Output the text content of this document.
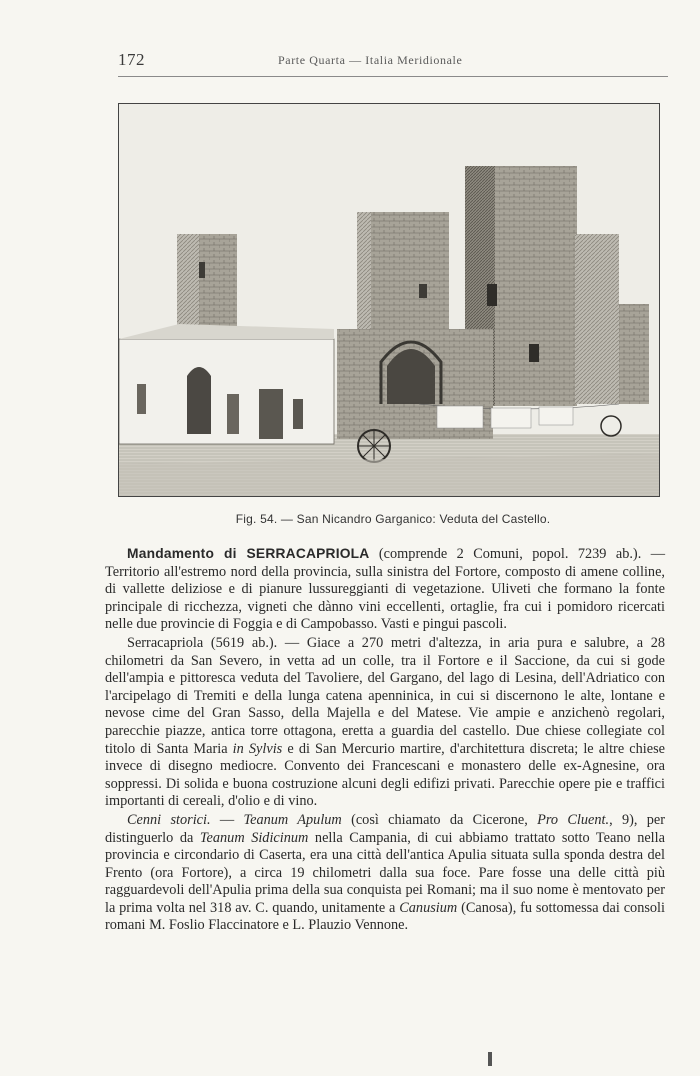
172	Parte Quarta — Italia Meridionale
Fig. 54. — San Nicandro Garganico: Veduta del Castello.

Mandamento di SERRACAPRIOLA (comprende 2 Comuni, popol. 7239 ab.). — Territorio all'estremo nord della provincia, sulla sinistra del Fortore, composto di amene colline, di vallette deliziose e di pianure lussureggianti di vegetazione. Uliveti che formano la fonte principale di ricchezza, vigneti che dànno vini eccellenti, ortaglie, fra cui i pomidoro ricercati nelle due provincie di Foggia e di Campobasso. Vasti e pingui pascoli.

Serracapriola (5619 ab.). — Giace a 270 metri d'altezza, in aria pura e salubre, a 28 chilometri da San Severo, in vetta ad un colle, tra il Fortore e il Saccione, da cui si gode dell'ampia e pittoresca veduta del Tavoliere, del Gargano, del lago di Lesina, dell'Adriatico con l'arcipelago di Tremiti e della lunga catena apenninica, in cui si discernono le alte, lontane e nevose cime del Gran Sasso, della Majella e del Matese. Vie ampie e anzichenò regolari, parecchie piazze, antica torre ottagona, eretta a guardia del castello. Due chiese collegiate col titolo di Santa Maria in Sylvis e di San Mercurio martire, d'architettura discreta; le altre chiese invece di disegno mediocre. Convento dei Francescani e monastero delle ex-Agnesine, ora soppressi. Di solida e buona costruzione alcuni degli edifizi privati. Parecchie opere pie e traffici importanti di cereali, d'olio e di vino.

Cenni storici. — Teanum Apulum (così chiamato da Cicerone, Pro Cluent., 9), per distinguerlo da Teanum Sidicinum nella Campania, di cui abbiamo trattato sotto Teano nella provincia e circondario di Caserta, era una città dell'antica Apulia situata sulla sponda destra del Frento (ora Fortore), a circa 19 chilometri dalla sua foce. Pare fosse una delle città più ragguardevoli dell'Apulia prima della sua conquista pei Romani; ma il suo nome è mentovato per la prima volta nel 318 av. C. quando, unitamente a Canusium (Canosa), fu sottomessa dai consoli romani M. Foslio Flaccinatore e L. Plauzio Vennone.
